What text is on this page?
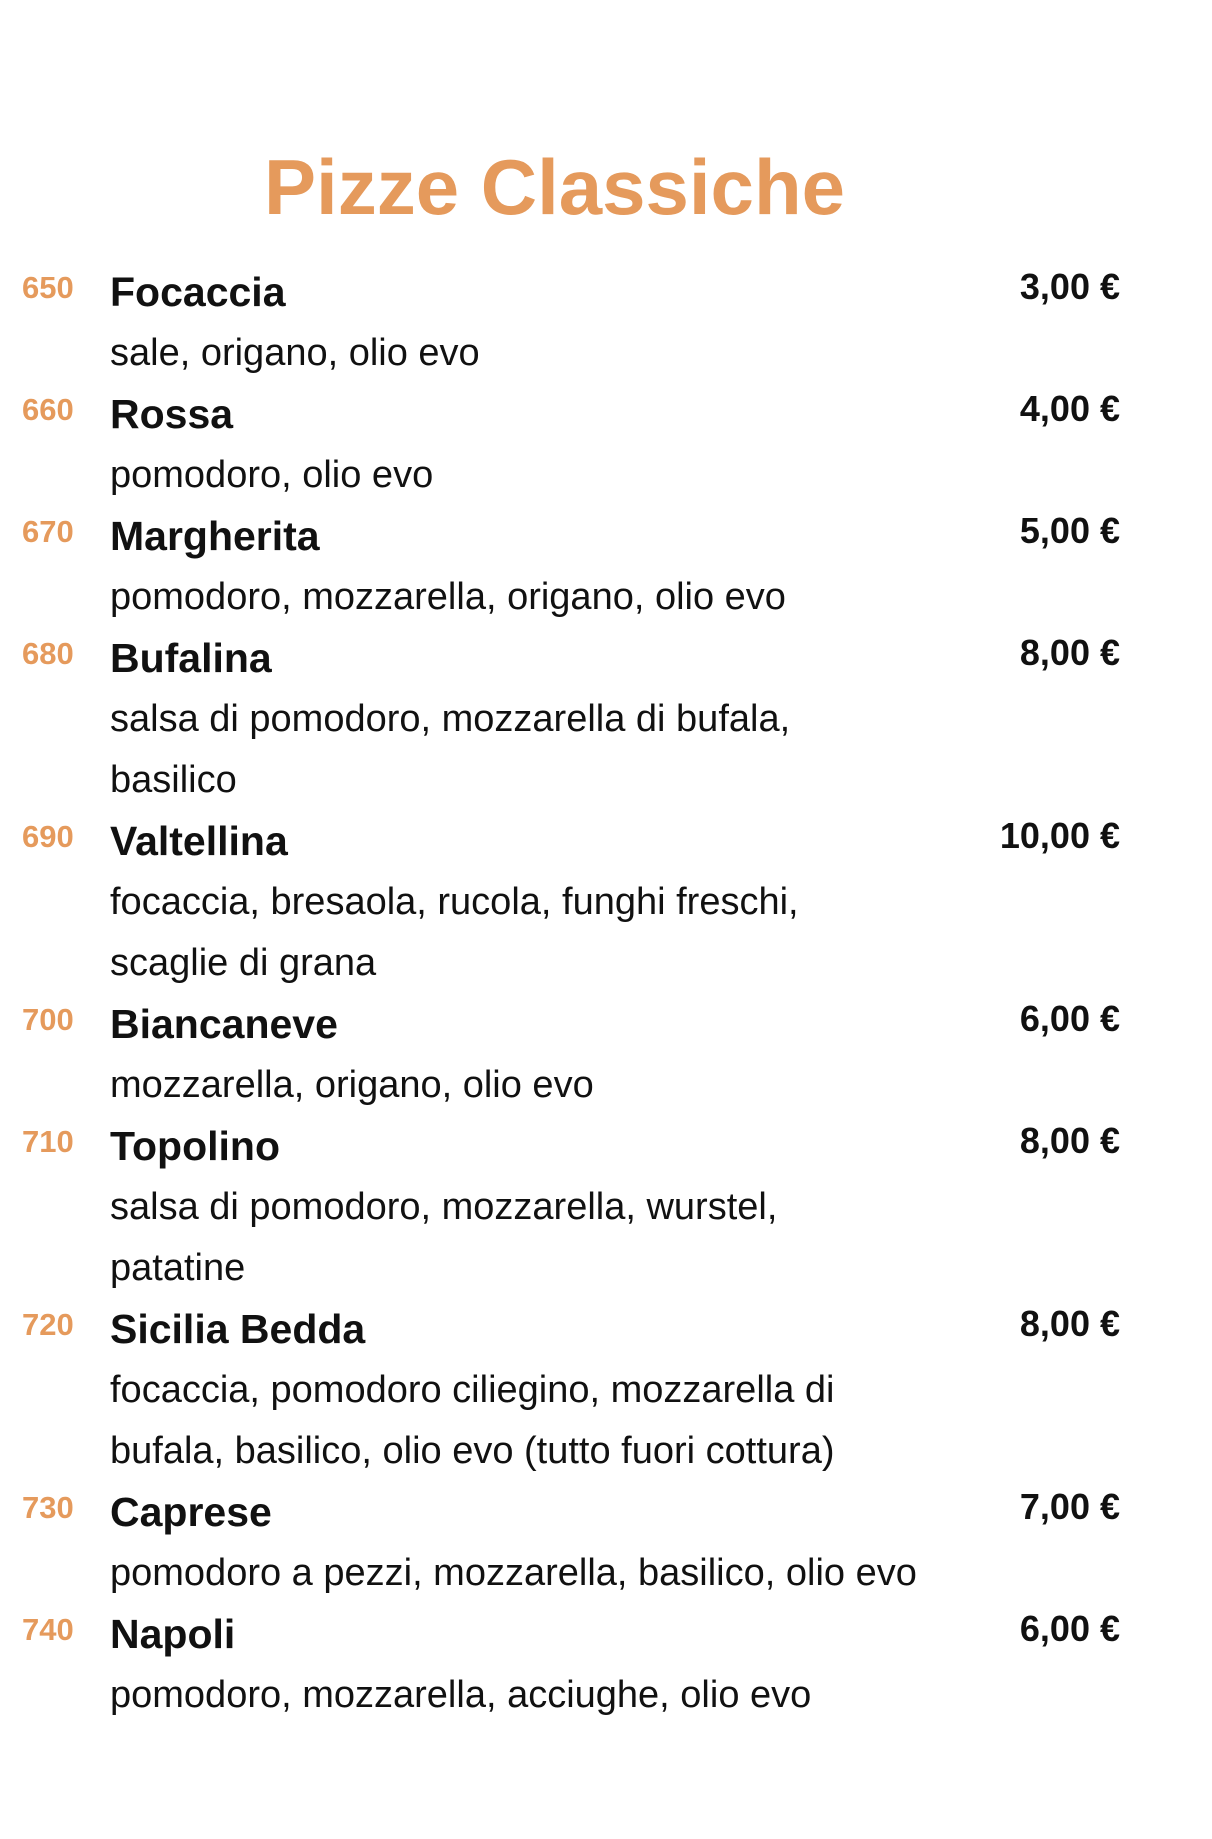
Pizze Classiche
650 Focaccia	3,00 €
sale, origano, olio evo
660 Rossa	4,00 €
pomodoro, olio evo
670 Margherita	5,00 €
pomodoro, mozzarella, origano, olio evo
680 Bufalina	8,00 €
salsa di pomodoro, mozzarella di bufala, basilico
690 Valtellina	10,00 €
focaccia, bresaola, rucola, funghi freschi, scaglie di grana
700 Biancaneve	6,00 €
mozzarella, origano, olio evo
710 Topolino	8,00 €
salsa di pomodoro, mozzarella, wurstel, patatine
720 Sicilia Bedda	8,00 €
focaccia, pomodoro ciliegino, mozzarella di bufala, basilico, olio evo (tutto fuori cottura)
730 Caprese	7,00 €
pomodoro a pezzi, mozzarella, basilico, olio evo
740 Napoli	6,00 €
pomodoro, mozzarella, acciughe, olio evo
